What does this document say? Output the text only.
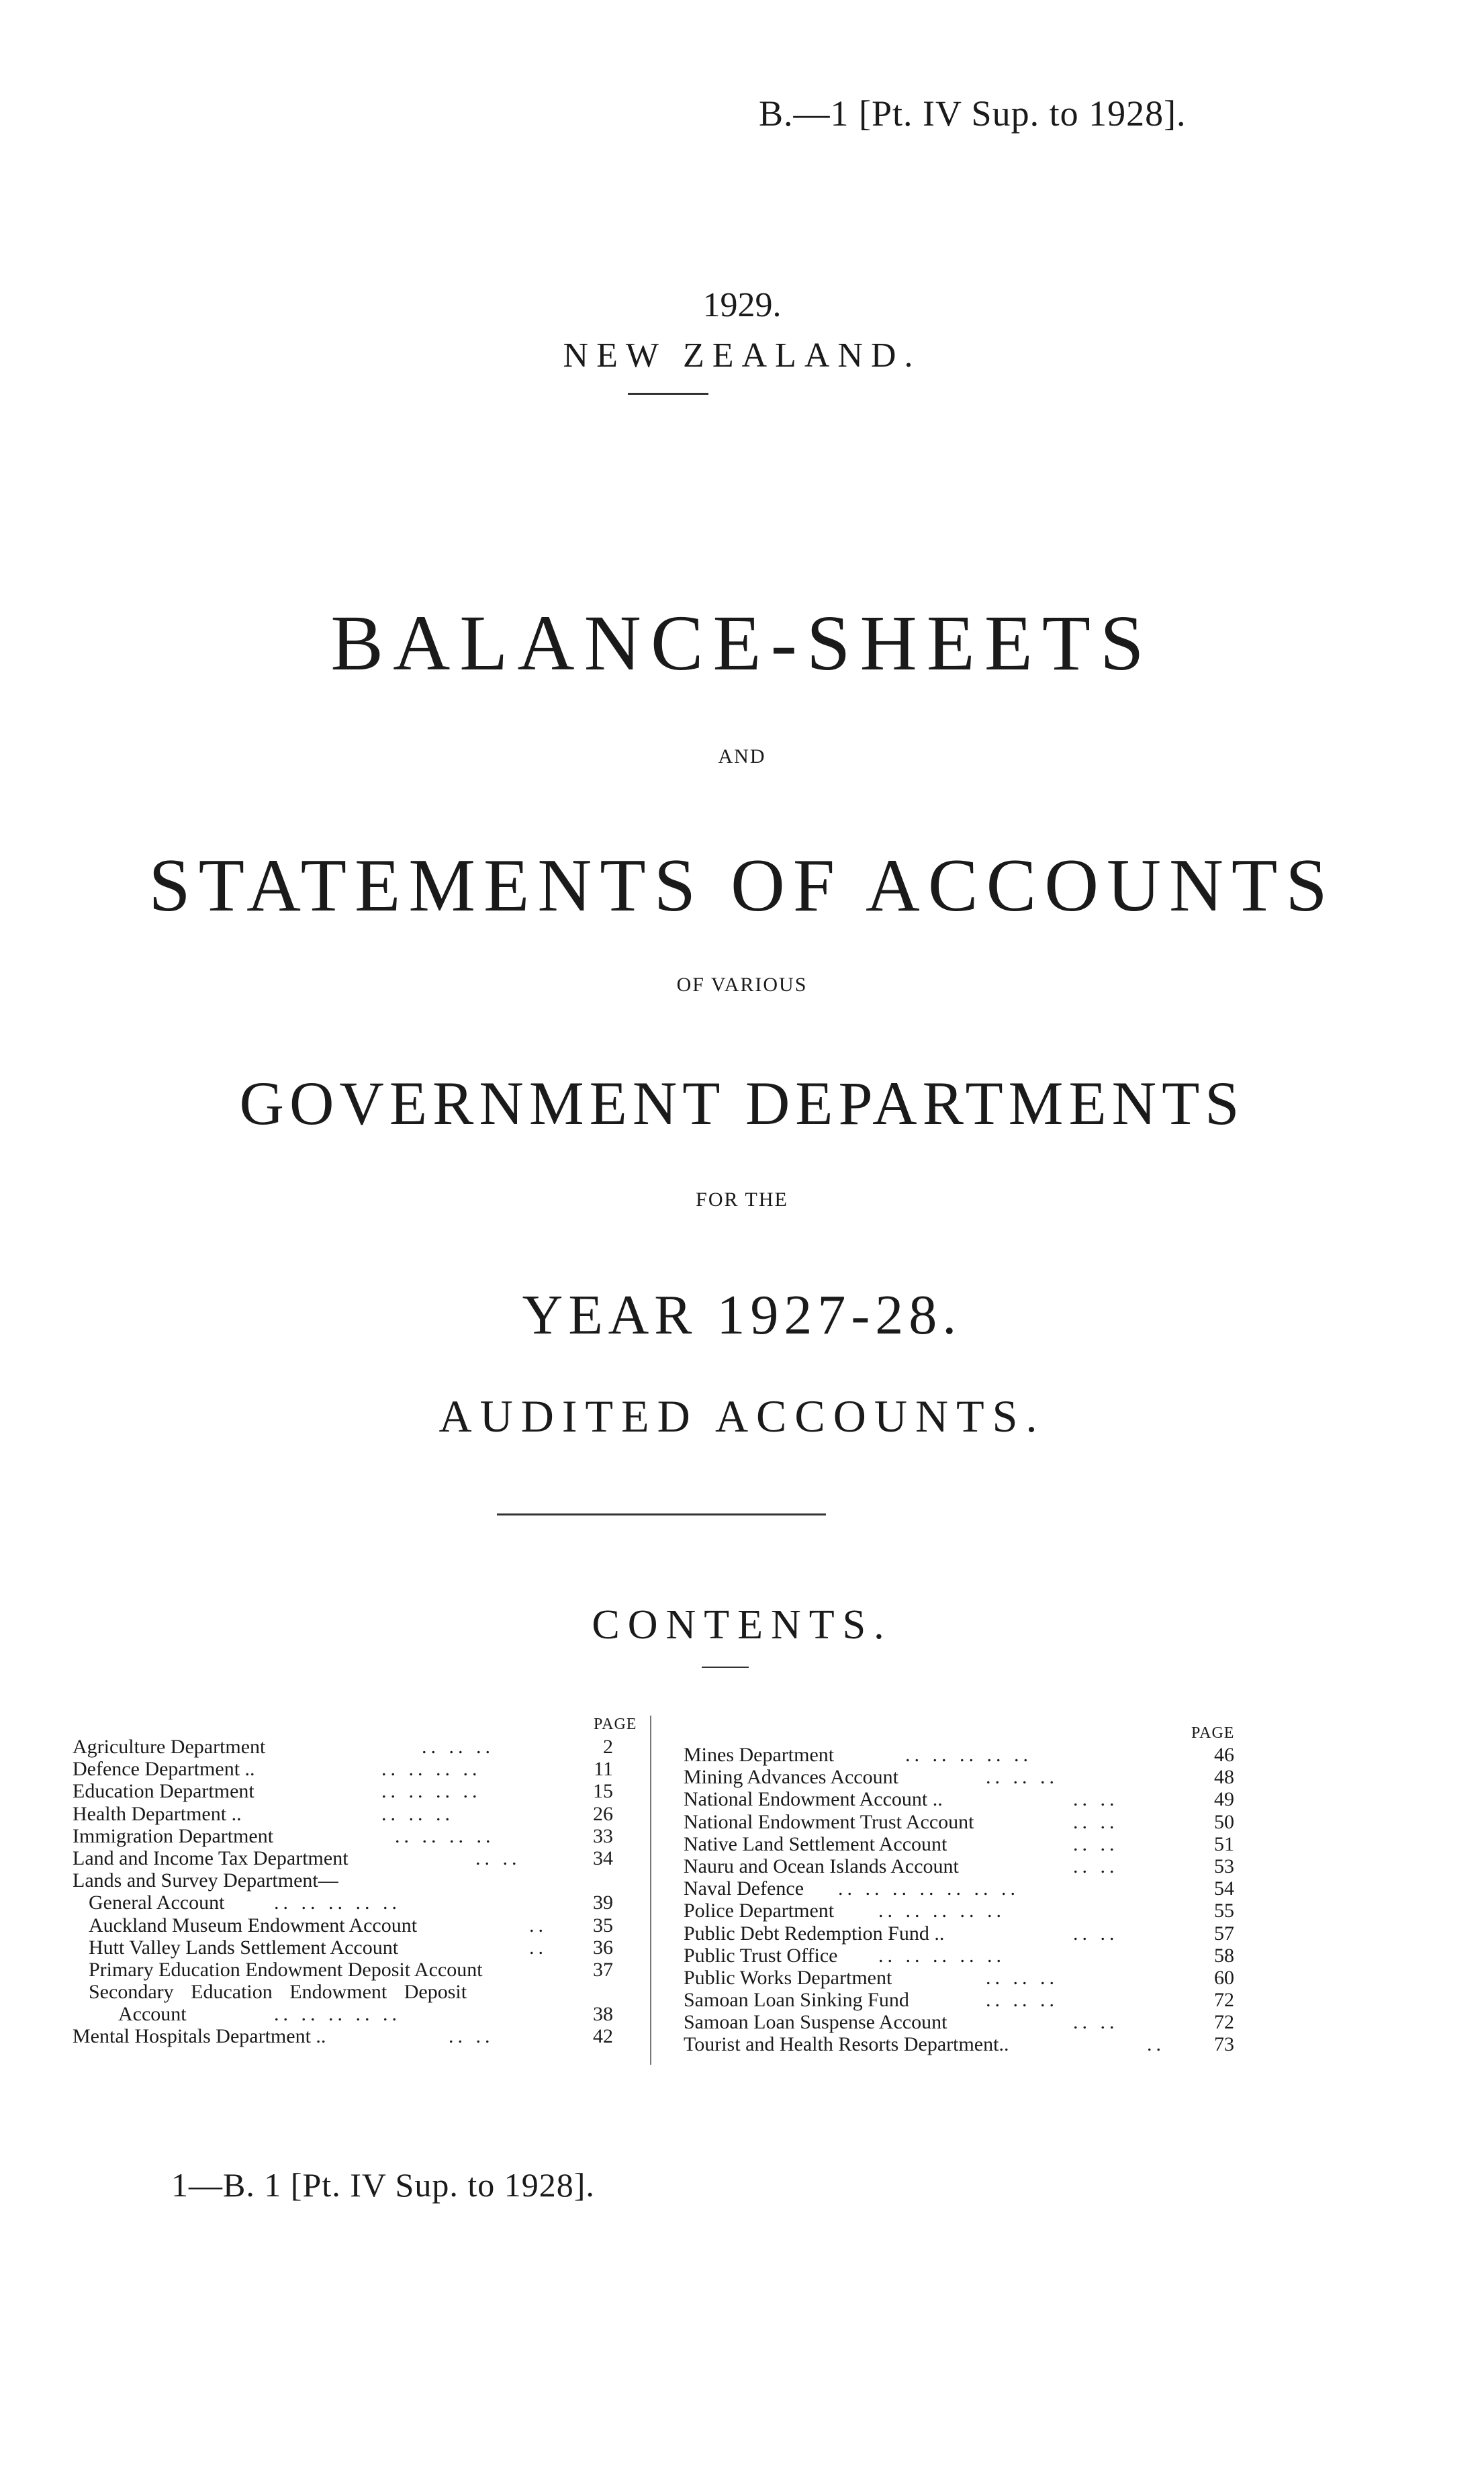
B.—1 [Pt. IV Sup. to 1928].
1929.
NEW ZEALAND.
BALANCE-SHEETS
AND
STATEMENTS OF ACCOUNTS
OF VARIOUS
GOVERNMENT DEPARTMENTS
FOR THE
YEAR 1927-28.
AUDITED ACCOUNTS.
CONTENTS.
PAGE	PAGE
Agriculture Department	.. .. ..	2
Defence Department ..	.. .. .. ..	11
Education Department	.. .. .. ..	15
Health Department ..	.. .. ..	26
Immigration Department	.. .. .. ..	33
Land and Income Tax Department	.. ..	34
Lands and Survey Department—
General Account .. .. .. .. ..	39
Auckland Museum Endowment Account	..	35
Hutt Valley Lands Settlement Account	..	36
Primary Education Endowment Deposit Account	37
Secondary Education Endowment Deposit
Account	.. .. .. .. ..	38
Mental Hospitals Department ..	.. ..	42
Mines Department	.. .. .. .. ..	46
Mining Advances Account	.. .. ..	48
National Endowment Account ..	.. ..	49
National Endowment Trust Account	.. ..	50
Native Land Settlement Account	.. ..	51
Nauru and Ocean Islands Account	.. ..	53
Naval Defence .. .. .. .. .. .. ..	54
Police Department .. .. .. .. ..	55
Public Debt Redemption Fund ..	.. ..	57
Public Trust Office .. .. .. .. ..	58
Public Works Department	.. .. ..	60
Samoan Loan Sinking Fund	.. .. ..	72
Samoan Loan Suspense Account	.. ..	72
Tourist and Health Resorts Department..	..	73
1—B. 1 [Pt. IV Sup. to 1928].
